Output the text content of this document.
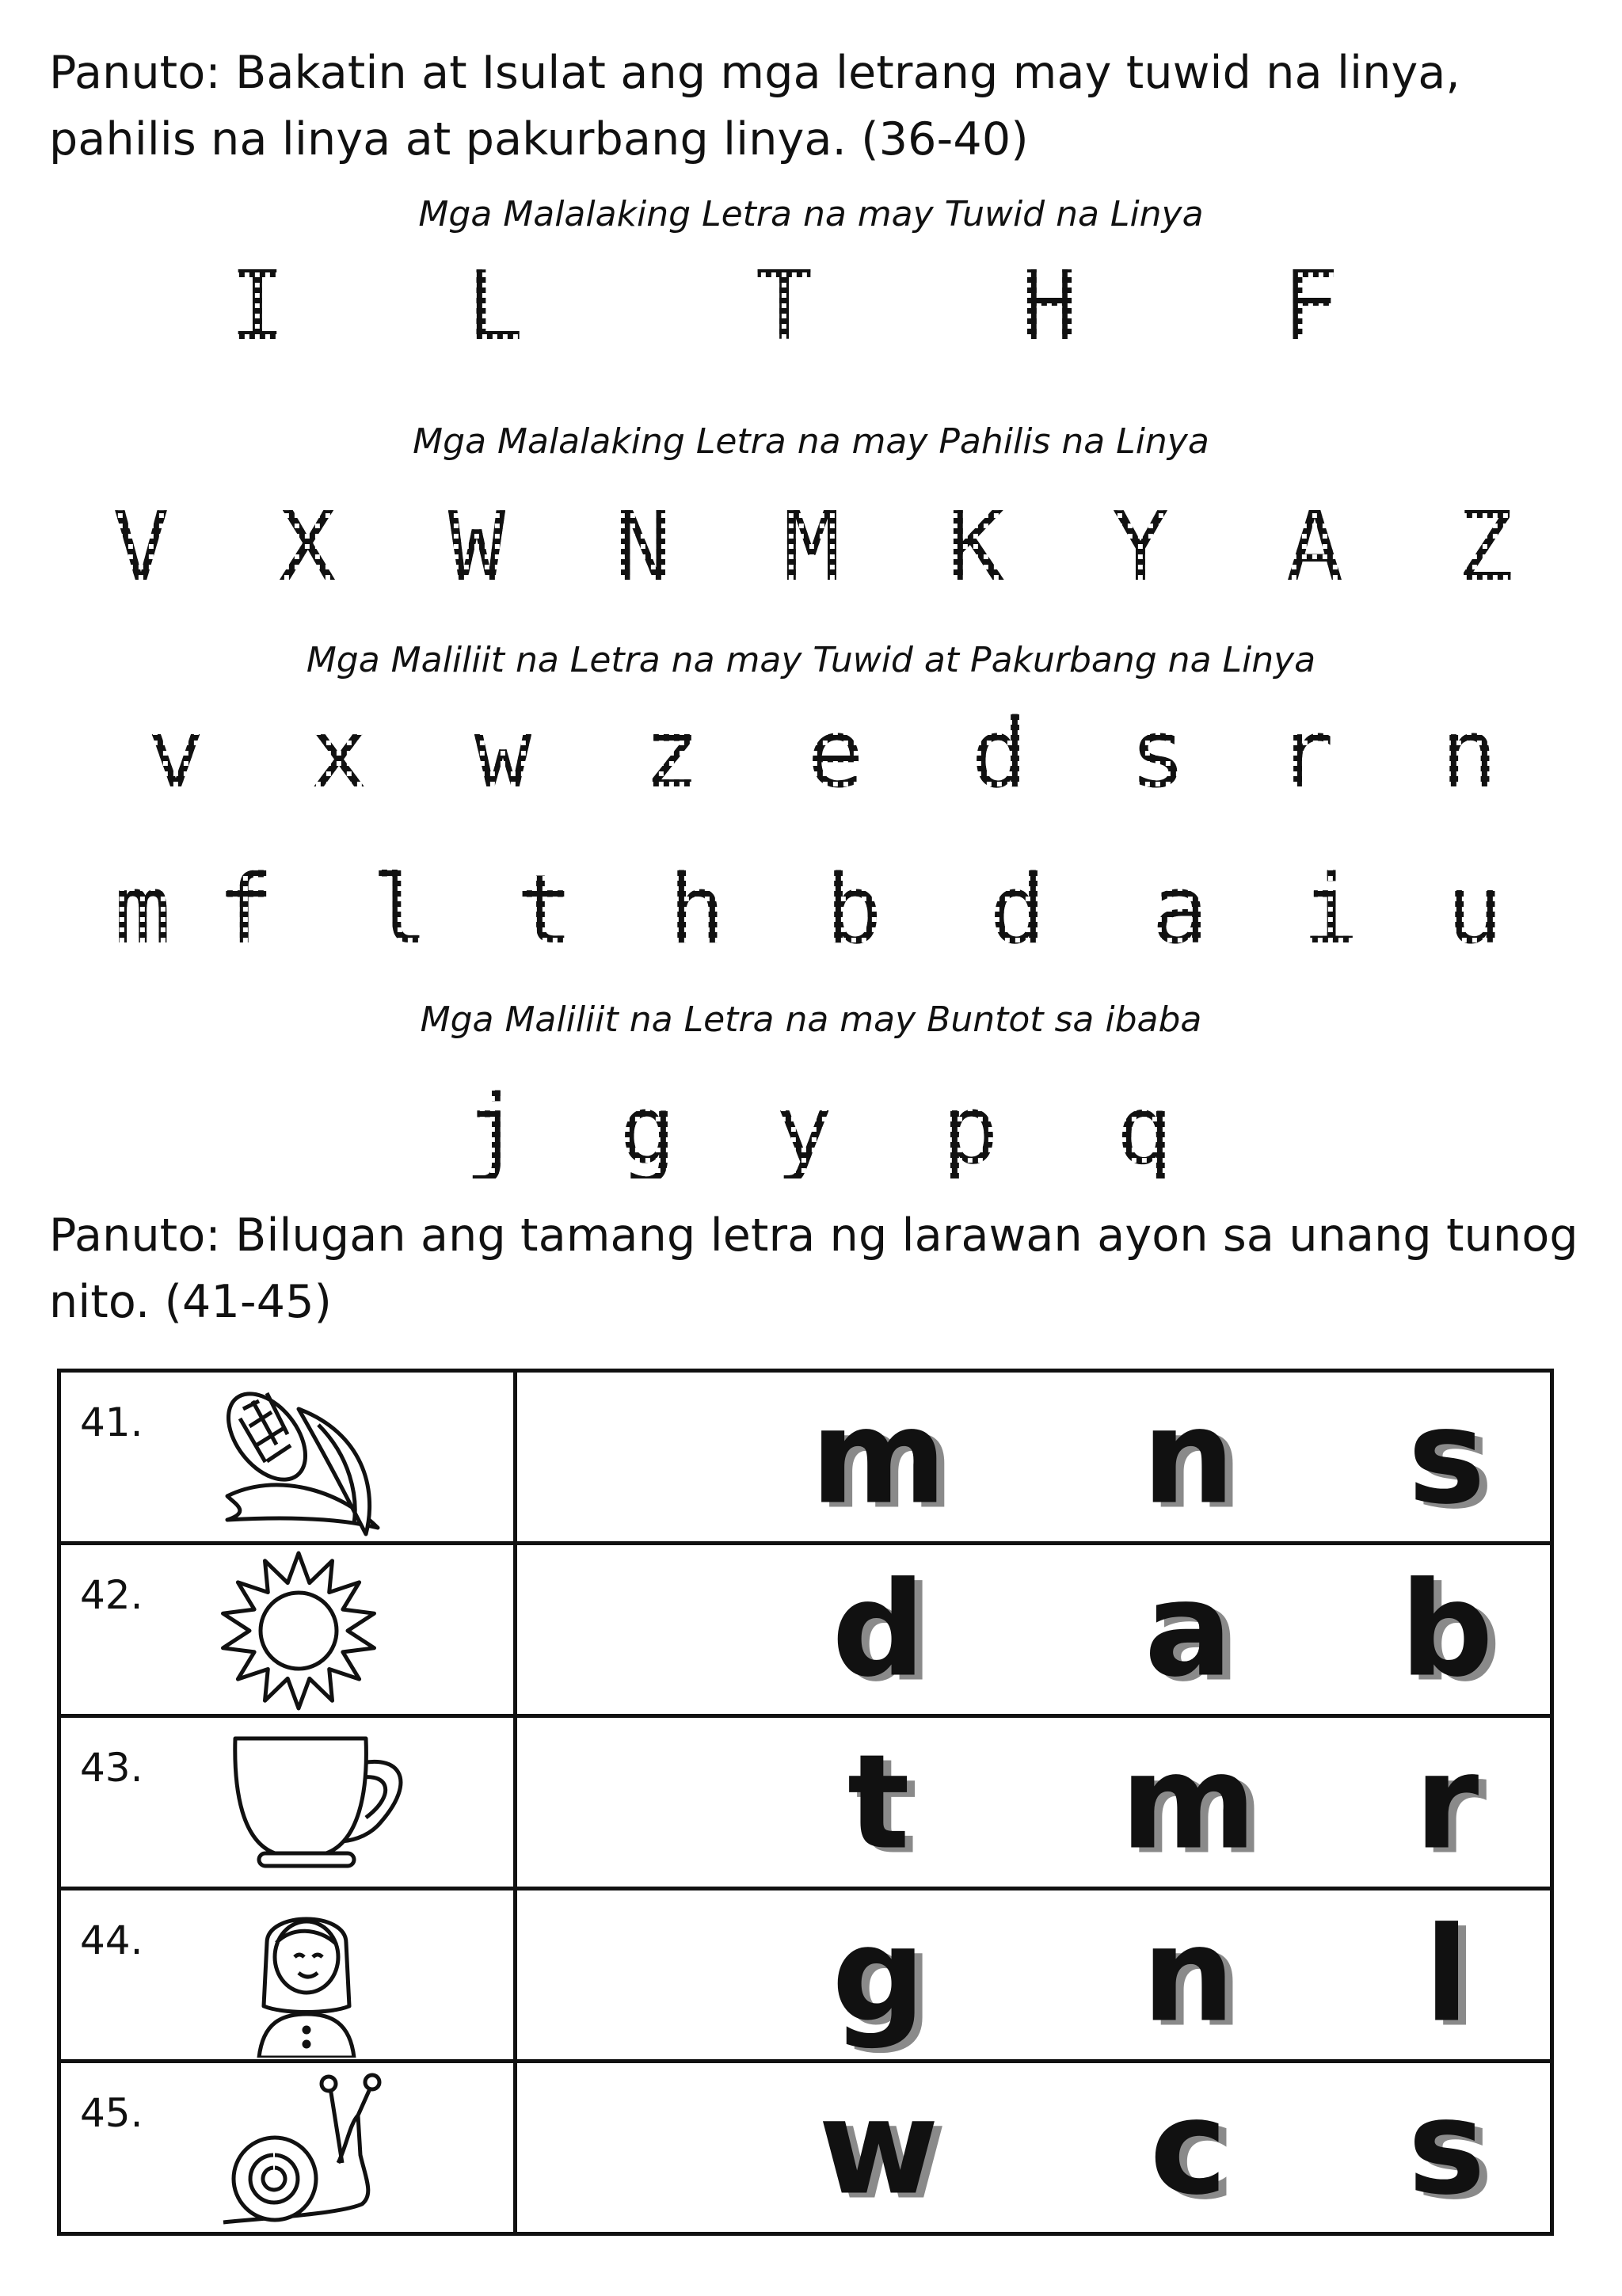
Panuto: Bakatin at Isulat ang mga letrang may tuwid na linya,
pahilis na linya at pakurbang linya. (36-40)

Mga Malalaking Letra na may Tuwid na Linya

I L T H F

Mga Malalaking Letra na may Pahilis na Linya

V X W N M K Y A Z

Mga Maliliit na Letra na may Tuwid at Pakurbang na Linya

v x w z e d s r n
m f l t h b d a i u

Mga Maliliit na Letra na may Buntot sa ibaba

j g y p q

Panuto: Bilugan ang tamang letra ng larawan ayon sa unang tunog
nito. (41-45)

41.	m n s

42.	d a b

43.	t m r

44.	g n l

45.	w c s
